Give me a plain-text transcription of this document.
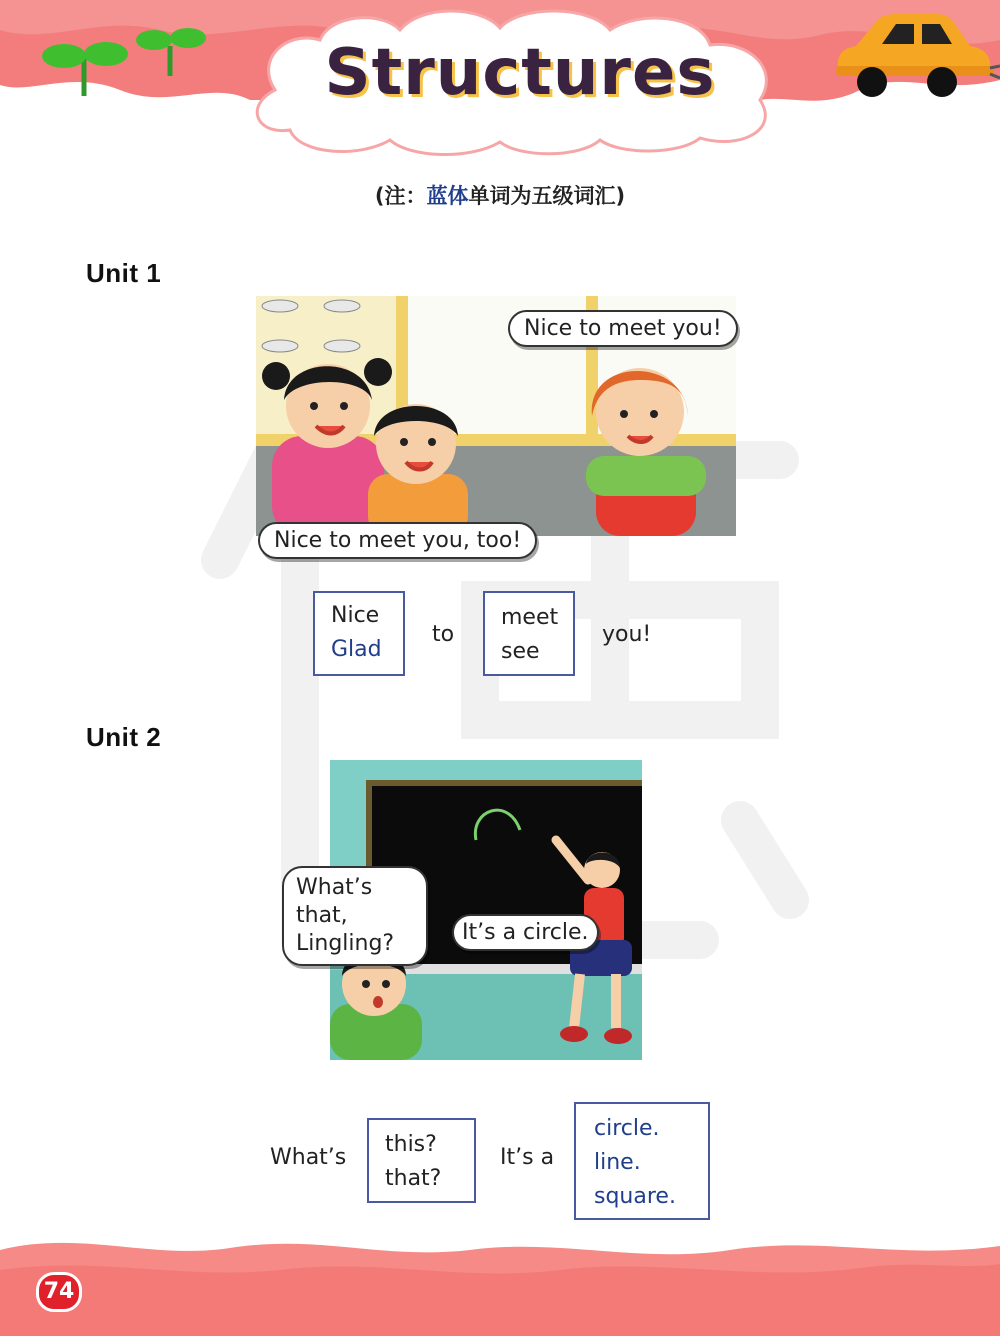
Structures
(注：蓝体单词为五级词汇)
Unit 1
Nice to meet you!
Nice to meet you, too!
Nice
Glad
to
meet
see
you!
Unit 2
What’s that,
Lingling?	It’s a circle.
What’s
this?
that?
It’s a
circle.
line.
square.
74
